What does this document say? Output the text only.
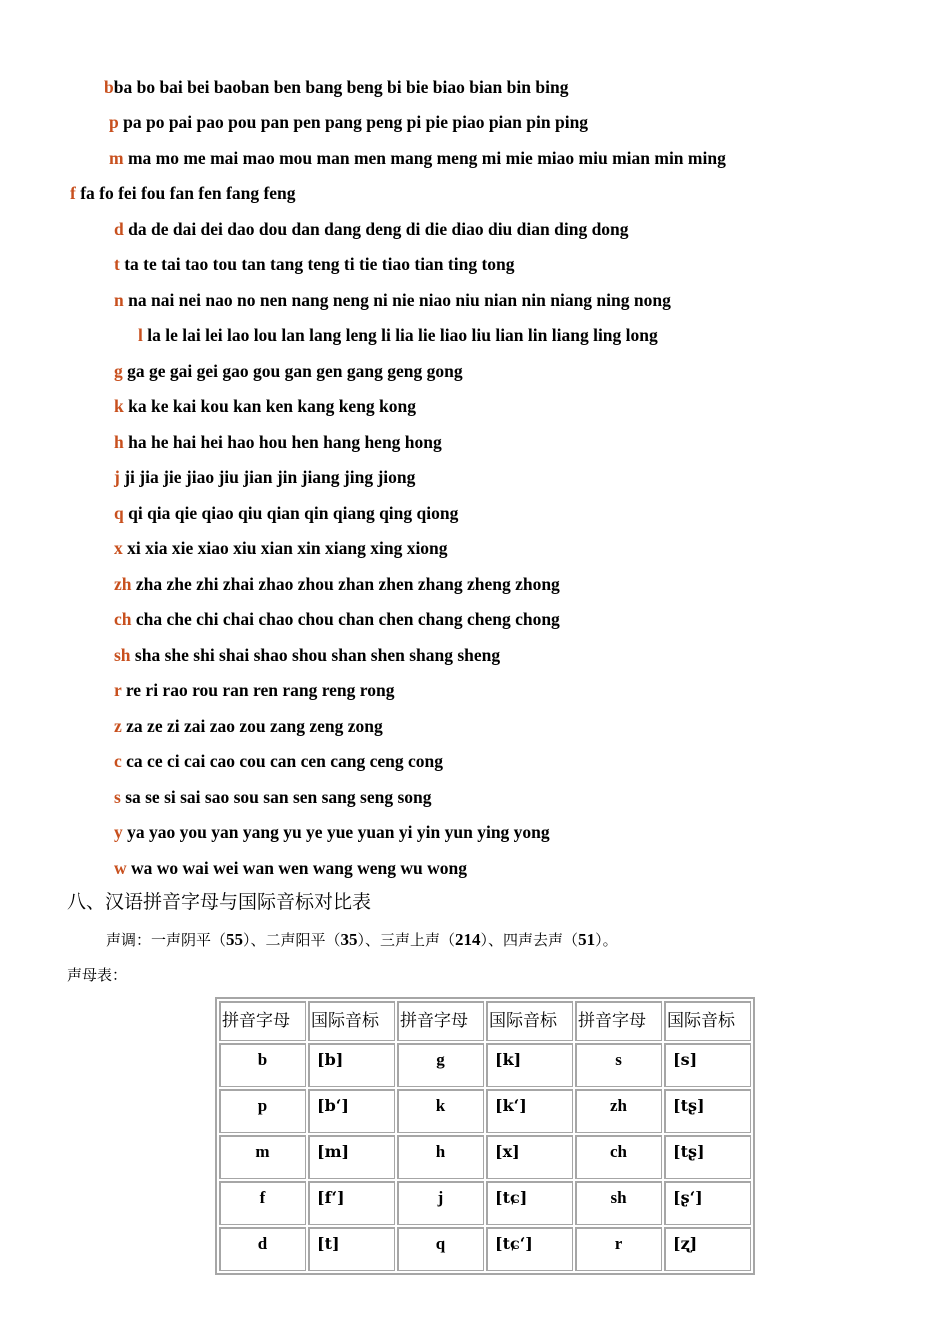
bba bo bai bei baoban ben bang beng bi bie biao bian bin bing
p pa po pai pao pou pan pen pang peng pi pie piao pian pin ping
m ma mo me mai mao mou man men mang meng mi mie miao miu mian min ming
f fa fo fei fou fan fen fang feng
d da de dai dei dao dou dan dang deng di die diao diu dian ding dong
t ta te tai tao tou tan tang teng ti tie tiao tian ting tong
n na nai nei nao no nen nang neng ni nie niao niu nian nin niang ning nong
l la le lai lei lao lou lan lang leng li lia lie liao liu lian lin liang ling long
g ga ge gai gei gao gou gan gen gang geng gong
k ka ke kai kou kan ken kang keng kong
h ha he hai hei hao hou hen hang heng hong
j ji jia jie jiao jiu jian jin jiang jing jiong
q qi qia qie qiao qiu qian qin qiang qing qiong
x xi xia xie xiao xiu xian xin xiang xing xiong
zh zha zhe zhi zhai zhao zhou zhan zhen zhang zheng zhong
ch cha che chi chai chao chou chan chen chang cheng chong
sh sha she shi shai shao shou shan shen shang sheng
r re ri rao rou ran ren rang reng rong
z za ze zi zai zao zou zang zeng zong
c ca ce ci cai cao cou can cen cang ceng cong
s sa se si sai sao sou san sen sang seng song
y ya yao you yan yang yu ye yue yuan yi yin yun ying yong
w wa wo wai wei wan wen wang weng wu wong
八、汉语拼音字母与国际音标对比表
声调：一声阴平（55）、二声阳平（35）、三声上声（214）、四声去声（51）。
声母表：
拼音字母	国际音标	拼音字母	国际音标	拼音字母	国际音标
b	[b]	g	[k]	s	[s]
p	[b‘]	k	[k‘]	zh	[tʂ]
m	[m]	h	[x]	ch	[tʂ]
f	[f‘]	j	[tɕ]	sh	[ʂ‘]
d	[t]	q	[tɕ‘]	r	[ʐ]
